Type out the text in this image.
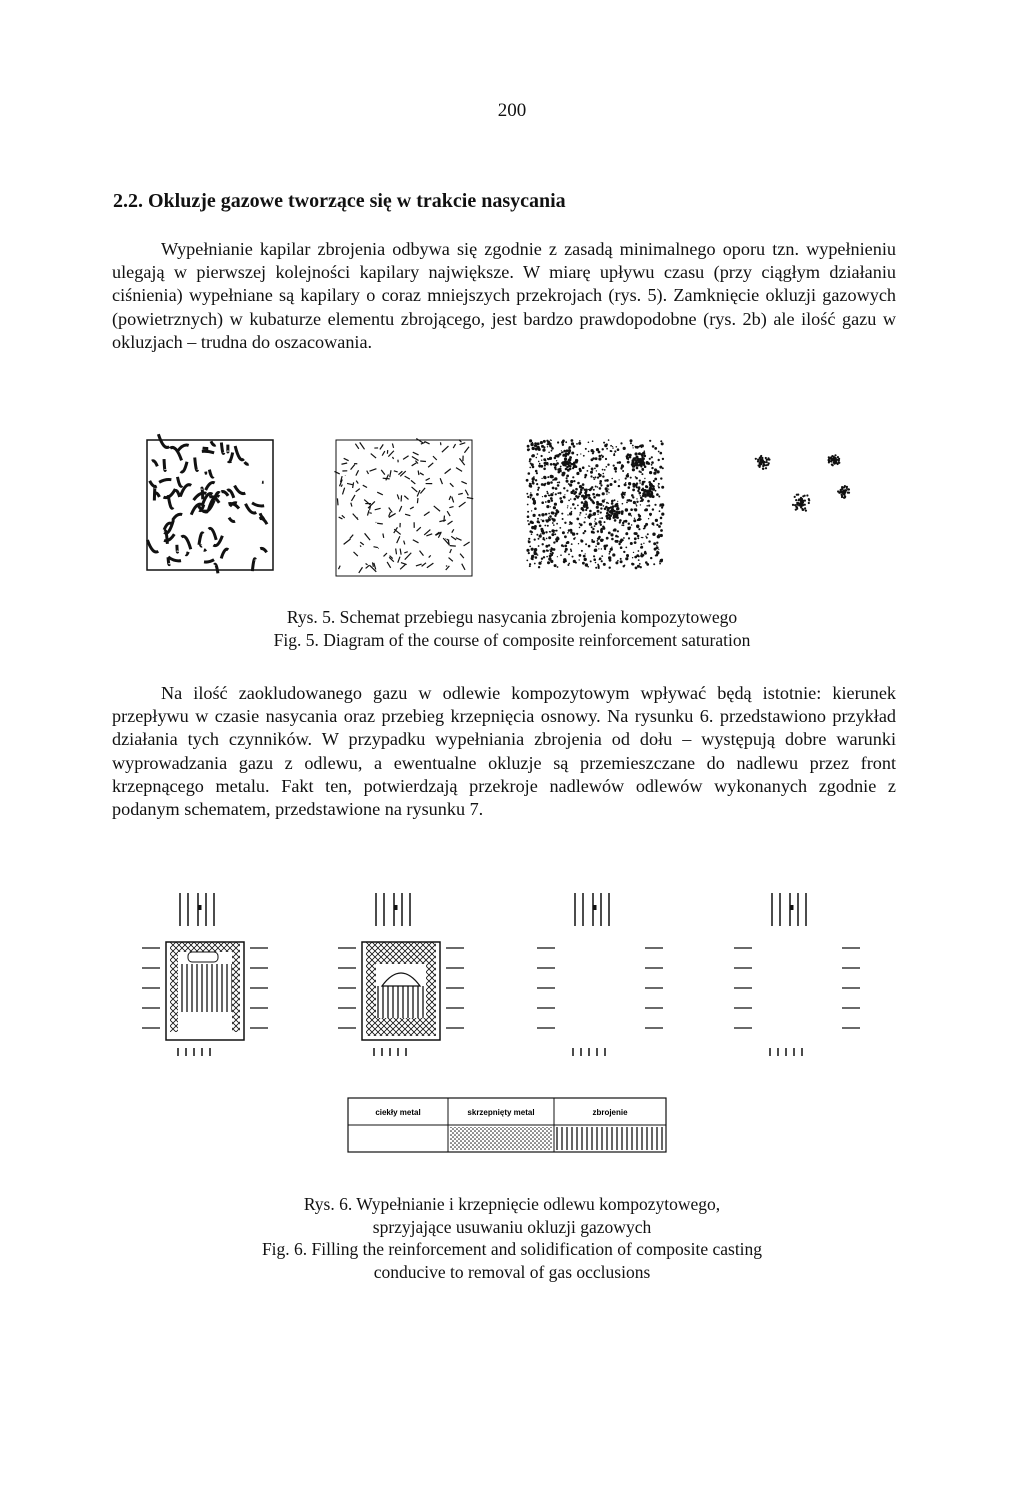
200
2.2. Okluzje gazowe tworzące się w trakcie nasycania

Wypełnianie kapilar zbrojenia odbywa się zgodnie z zasadą minimalnego oporu tzn. wypełnieniu ulegają w pierwszej kolejności kapilary największe. W miarę upływu czasu (przy ciągłym działaniu ciśnienia) wypełniane są kapilary o coraz mniejszych przekrojach (rys. 5). Zamknięcie okluzji gazowych (powietrznych) w kubaturze elementu zbrojącego, jest bardzo prawdopodobne (rys. 2b) ale ilość gazu w okluzjach – trudna do oszacowania.

ciekły metal	skrzepnięty metal	zbrojenie
Rys. 5. Schemat przebiegu nasycania zbrojenia kompozytowego
Fig. 5. Diagram of the course of composite reinforcement saturation

Na ilość zaokludowanego gazu w odlewie kompozytowym wpływać będą istotnie: kierunek przepływu w czasie nasycania oraz przebieg krzepnięcia osnowy. Na rysunku 6. przedstawiono przykład działania tych czynników. W przypadku wypełniania zbrojenia od dołu – występują dobre warunki wyprowadzania gazu z odlewu, a ewentualne okluzje są przemieszczane do nadlewu przez front krzepnącego metalu. Fakt ten, potwierdzają przekroje nadlewów odlewów wykonanych zgodnie z podanym schematem, przedstawione na rysunku 7.

Rys. 6. Wypełnianie i krzepnięcie odlewu kompozytowego,
sprzyjające usuwaniu okluzji gazowych
Fig. 6. Filling the reinforcement and solidification of composite casting
conducive to removal of gas occlusions
